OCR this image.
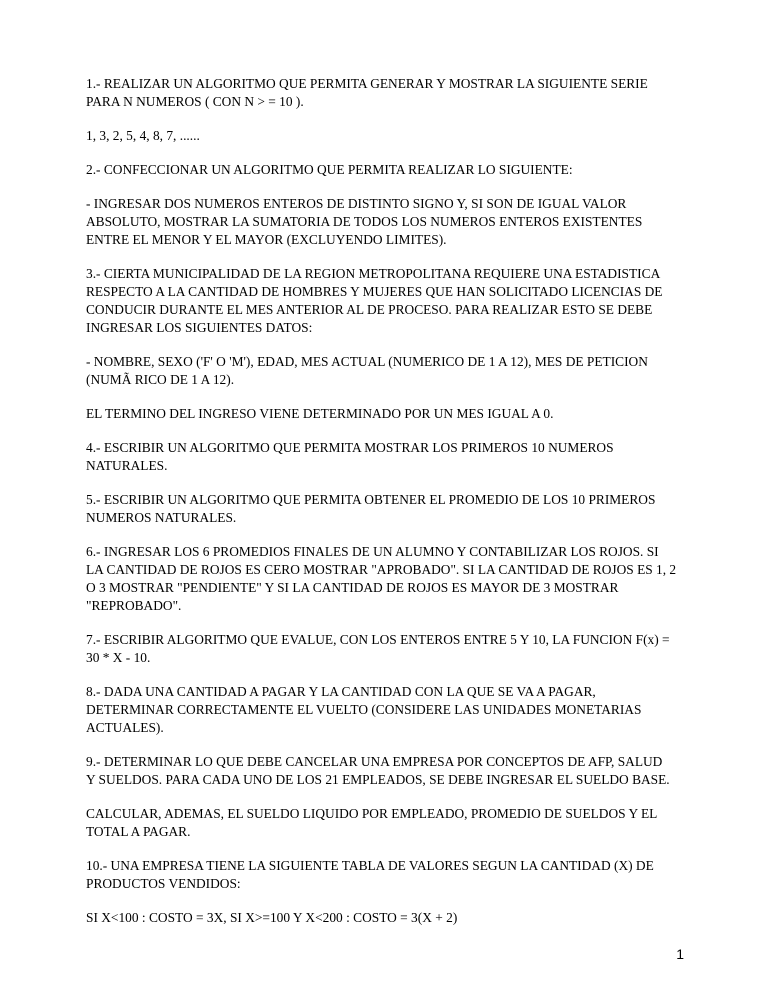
1.- REALIZAR UN ALGORITMO QUE PERMITA GENERAR Y MOSTRAR LA SIGUIENTE SERIE
PARA N NUMEROS ( CON N > = 10 ).
1, 3, 2, 5, 4, 8, 7, ......
2.- CONFECCIONAR UN ALGORITMO QUE PERMITA REALIZAR LO SIGUIENTE:
- INGRESAR DOS NUMEROS ENTEROS DE DISTINTO SIGNO Y, SI SON DE IGUAL VALOR
ABSOLUTO, MOSTRAR LA SUMATORIA DE TODOS LOS NUMEROS ENTEROS EXISTENTES
ENTRE EL MENOR Y EL MAYOR (EXCLUYENDO LIMITES).
3.- CIERTA MUNICIPALIDAD DE LA REGION METROPOLITANA REQUIERE UNA ESTADISTICA
RESPECTO A LA CANTIDAD DE HOMBRES Y MUJERES QUE HAN SOLICITADO LICENCIAS DE
CONDUCIR DURANTE EL MES ANTERIOR AL DE PROCESO. PARA REALIZAR ESTO SE DEBE
INGRESAR LOS SIGUIENTES DATOS:
- NOMBRE, SEXO ('F' O 'M'), EDAD, MES ACTUAL (NUMERICO DE 1 A 12), MES DE PETICION
(NUMÃ RICO DE 1 A 12).
EL TERMINO DEL INGRESO VIENE DETERMINADO POR UN MES IGUAL A 0.
4.- ESCRIBIR UN ALGORITMO QUE PERMITA MOSTRAR LOS PRIMEROS 10 NUMEROS
NATURALES.
5.- ESCRIBIR UN ALGORITMO QUE PERMITA OBTENER EL PROMEDIO DE LOS 10 PRIMEROS
NUMEROS NATURALES.
6.- INGRESAR LOS 6 PROMEDIOS FINALES DE UN ALUMNO Y CONTABILIZAR LOS ROJOS. SI
LA CANTIDAD DE ROJOS ES CERO MOSTRAR "APROBADO". SI LA CANTIDAD DE ROJOS ES 1, 2
O 3 MOSTRAR "PENDIENTE" Y SI LA CANTIDAD DE ROJOS ES MAYOR DE 3 MOSTRAR
"REPROBADO".
7.- ESCRIBIR ALGORITMO QUE EVALUE, CON LOS ENTEROS ENTRE 5 Y 10, LA FUNCION F(x) =
30 * X - 10.
8.- DADA UNA CANTIDAD A PAGAR Y LA CANTIDAD CON LA QUE SE VA A PAGAR,
DETERMINAR CORRECTAMENTE EL VUELTO (CONSIDERE LAS UNIDADES MONETARIAS
ACTUALES).
9.- DETERMINAR LO QUE DEBE CANCELAR UNA EMPRESA POR CONCEPTOS DE AFP, SALUD
Y SUELDOS. PARA CADA UNO DE LOS 21 EMPLEADOS, SE DEBE INGRESAR EL SUELDO BASE.
CALCULAR, ADEMAS, EL SUELDO LIQUIDO POR EMPLEADO, PROMEDIO DE SUELDOS Y EL
TOTAL A PAGAR.
10.- UNA EMPRESA TIENE LA SIGUIENTE TABLA DE VALORES SEGUN LA CANTIDAD (X) DE
PRODUCTOS VENDIDOS:
SI X<100 : COSTO = 3X, SI X>=100 Y X<200 : COSTO = 3(X + 2)
1
